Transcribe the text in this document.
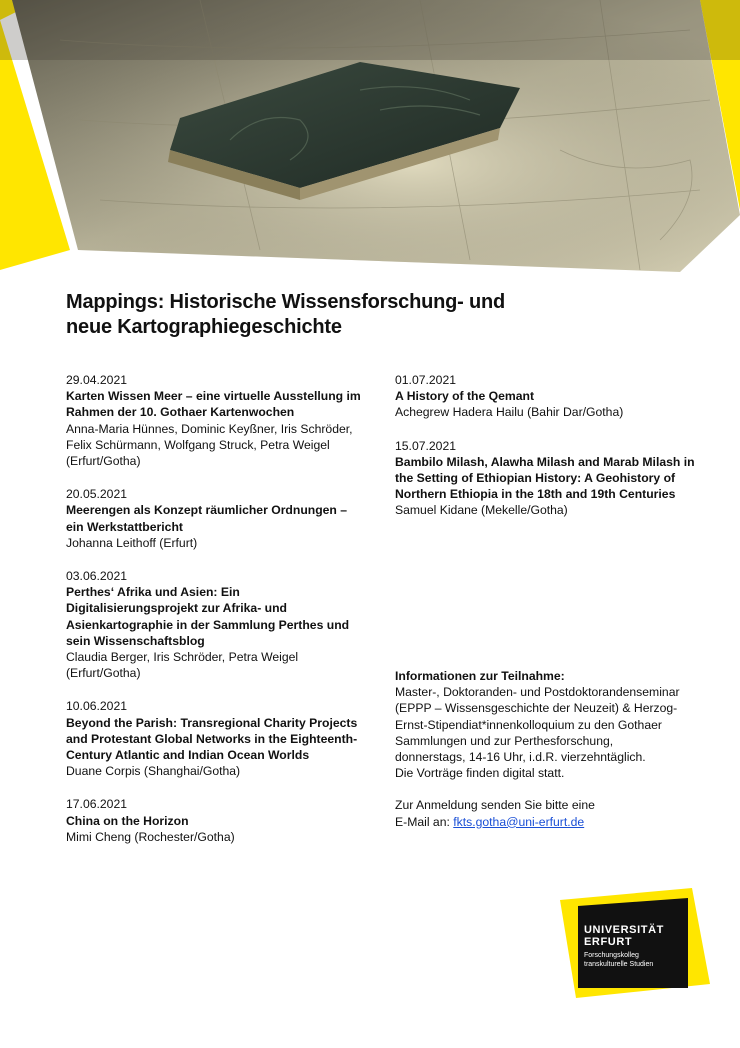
Mappings: Historische Wissensforschung- und
neue Kartographiegeschichte
29.04.2021
Karten Wissen Meer – eine virtuelle Ausstellung im Rahmen der 10. Gothaer Kartenwochen
Anna-Maria Hünnes, Dominic Keyßner, Iris Schröder, Felix Schürmann, Wolfgang Struck, Petra Weigel (Erfurt/Gotha)
20.05.2021
Meerengen als Konzept räumlicher Ordnungen – ein Werkstattbericht
Johanna Leithoff (Erfurt)
03.06.2021
Perthes‘ Afrika und Asien: Ein Digitalisierungsprojekt zur Afrika- und Asienkartographie in der Sammlung Perthes und sein Wissenschaftsblog
Claudia Berger, Iris Schröder, Petra Weigel (Erfurt/Gotha)
10.06.2021
Beyond the Parish: Transregional Charity Projects and Protestant Global Networks in the Eighteenth-Century Atlantic and Indian Ocean Worlds
Duane Corpis (Shanghai/Gotha)
17.06.2021
China on the Horizon
Mimi Cheng (Rochester/Gotha)
01.07.2021
A History of the Qemant
Achegrew Hadera Hailu (Bahir Dar/Gotha)
15.07.2021
Bambilo Milash, Alawha Milash and Marab Milash in the Setting of Ethiopian History: A Geohistory of Northern Ethiopia in the 18th and 19th Centuries
Samuel Kidane (Mekelle/Gotha)
Informationen zur Teilnahme:
Master-, Doktoranden- und Postdoktorandenseminar (EPPP – Wissensgeschichte der Neuzeit) & Herzog-Ernst-Stipendiat*innenkolloquium zu den Gothaer Sammlungen und zur Perthesforschung, donnerstags, 14-16 Uhr, i.d.R. vierzehntäglich.
Die Vorträge finden digital statt.
Zur Anmeldung senden Sie bitte eine
E-Mail an: fkts.gotha@uni-erfurt.de
UNIVERSITÄT
ERFURT
Forschungskolleg
transkulturelle Studien
